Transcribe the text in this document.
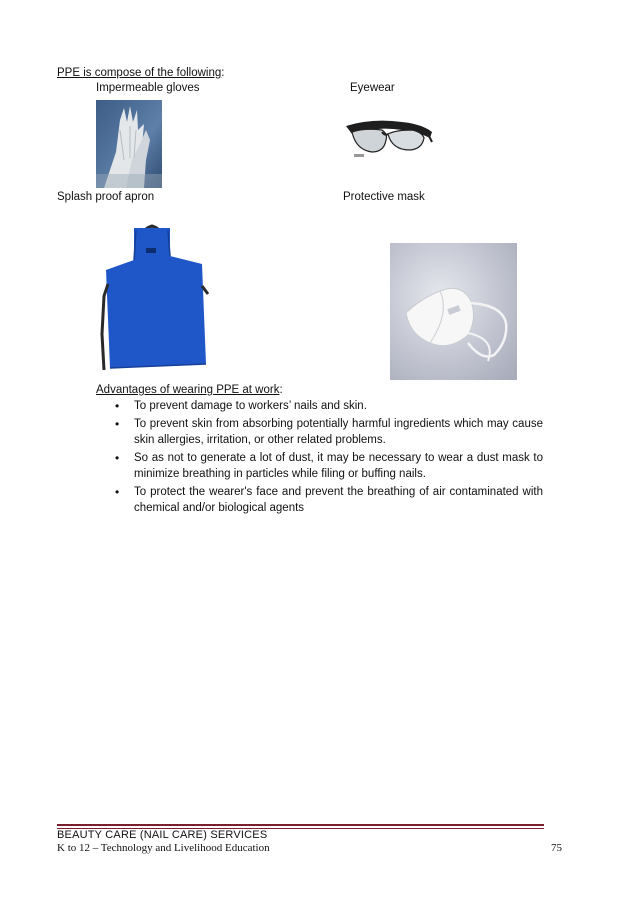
PPE is compose of the following:
Impermeable gloves	Eyewear
Splash proof apron	Protective mask
Advantages of wearing PPE at work:
• To prevent damage to workers’ nails and skin.
• To prevent skin from absorbing potentially harmful ingredients which may cause skin allergies, irritation, or other related problems.
• So as not to generate a lot of dust, it may be necessary to wear a dust mask to minimize breathing in particles while filing or buffing nails.
• To protect the wearer's face and prevent the breathing of air contaminated with chemical and/or biological agents
BEAUTY CARE (NAIL CARE) SERVICES
K to 12 – Technology and Livelihood Education	75
